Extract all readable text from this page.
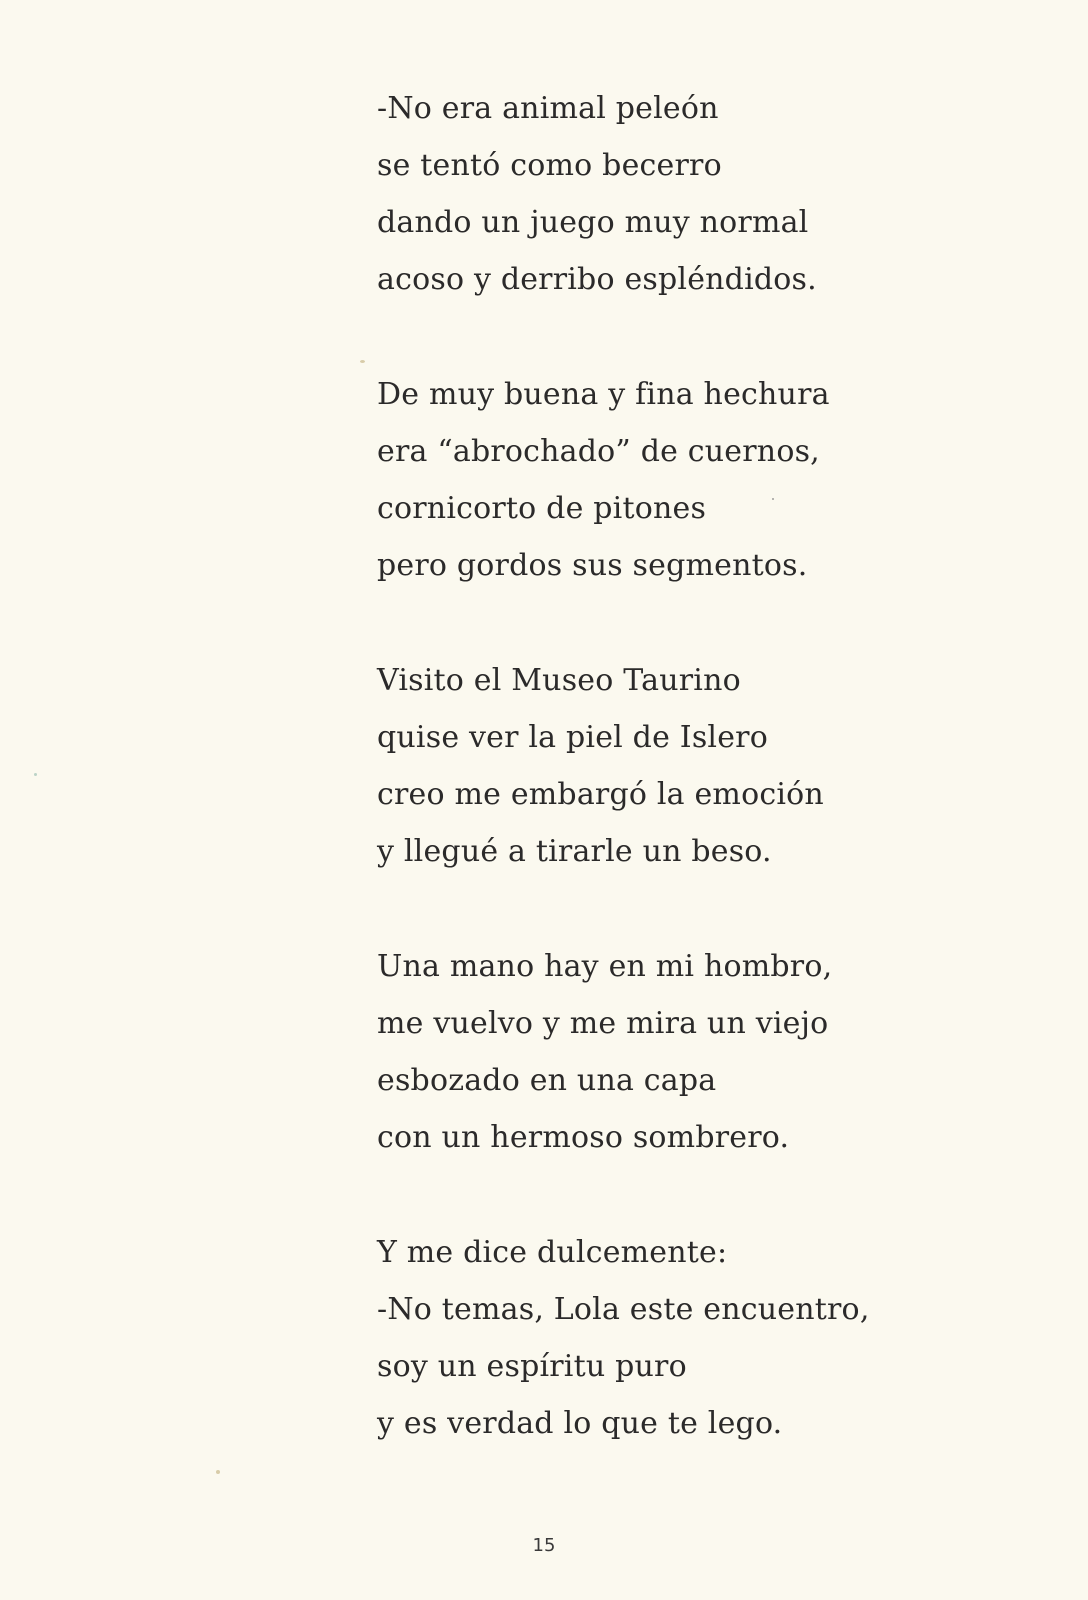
-No era animal peleón
se tentó como becerro
dando un juego muy normal
acoso y derribo espléndidos.
De muy buena y fina hechura
era “abrochado” de cuernos,
cornicorto de pitones
pero gordos sus segmentos.
Visito el Museo Taurino
quise ver la piel de Islero
creo me embargó la emoción
y llegué a tirarle un beso.
Una mano hay en mi hombro,
me vuelvo y me mira un viejo
esbozado en una capa
con un hermoso sombrero.
Y me dice dulcemente:
-No temas, Lola este encuentro,
soy un espíritu puro
y es verdad lo que te lego.
15
